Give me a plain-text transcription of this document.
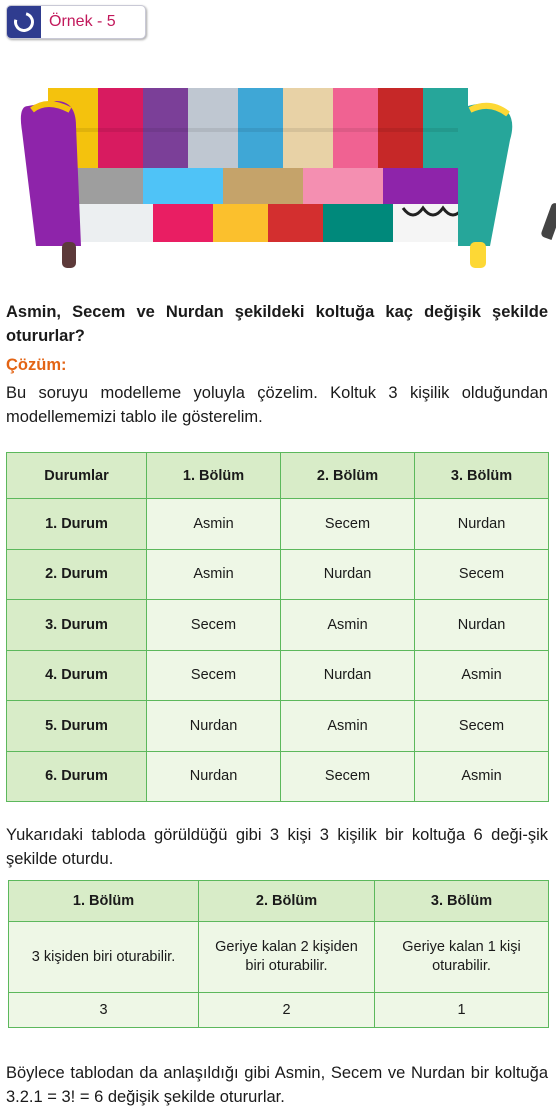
Örnek - 5
Asmin, Secem ve Nurdan şekildeki koltuğa kaç değişik şekilde otururlar?
Çözüm:
Bu soruyu modelleme yoluyla çözelim. Koltuk 3 kişilik olduğundan modellememizi tablo ile gösterelim.
Durumlar	1. Bölüm	2. Bölüm	3. Bölüm
1. Durum	Asmin	Secem	Nurdan
2. Durum	Asmin	Nurdan	Secem
3. Durum	Secem	Asmin	Nurdan
4. Durum	Secem	Nurdan	Asmin
5. Durum	Nurdan	Asmin	Secem
6. Durum	Nurdan	Secem	Asmin
Yukarıdaki tabloda görüldüğü gibi 3 kişi 3 kişilik bir koltuğa 6 deği-şik şekilde oturdu.
1. Bölüm	2. Bölüm	3. Bölüm
3 kişiden biri oturabilir.	Geriye kalan 2 kişiden biri oturabilir.	Geriye kalan 1 kişi oturabilir.
3	2	1
Böylece tablodan da anlaşıldığı gibi Asmin, Secem ve Nurdan bir koltuğa 3.2.1 = 3! = 6 değişik şekilde otururlar.
